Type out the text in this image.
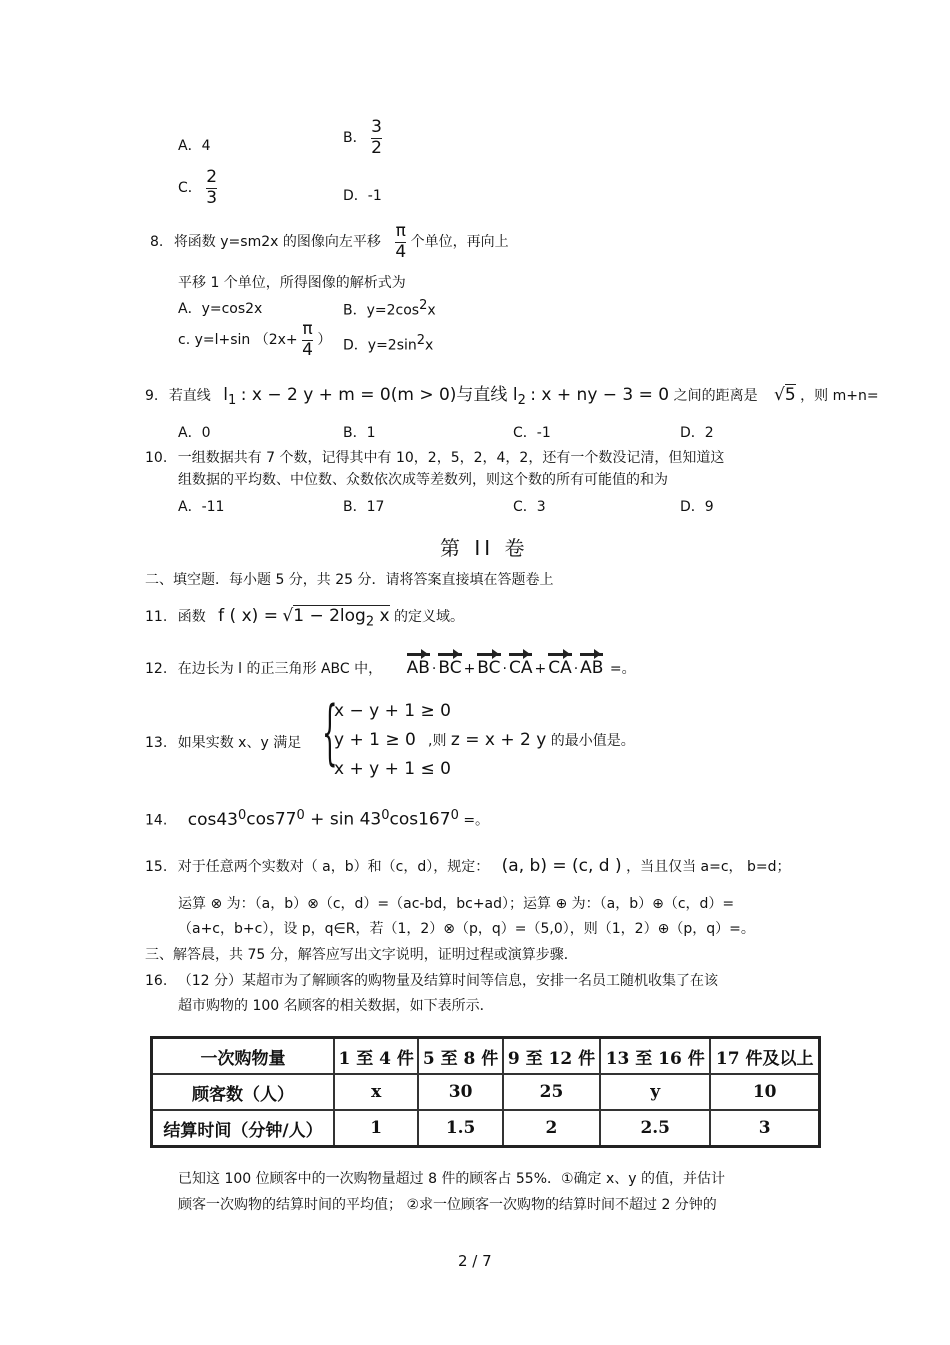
A．4	B． $\frac{3}{2}$
C． $\frac{2}{3}$	D．-1
8. 将函数 y=sm2x 的图像向左平移 $\frac{\pi}{4}$ 个单位，再向上
平移 1 个单位，所得图像的解析式为
A．y=cos2x	B．$y=2\cos^2x$
c. y=l+sin （$2x+ \frac{\pi}{4}$ ） D．$y=2\sin^2x$
9. 若直线 $l_1$ : x − 2 y + m = 0(m > 0)与直线 $l_2$ : x + ny − 3 = 0 之间的距离是 √5 ，则 m+n=
A．0	B．1	C．-1	D．2
10. 一组数据共有 7 个数，记得其中有 10，2，5，2，4，2，还有一个数没记清，但知道这
组数据的平均数、中位数、众数依次成等差数列，则这个数的所有可能值的和为
A．-11	B．17	C．3	D．9
第 II 卷
二、填空题．每小题 5 分，共 25 分．请将答案直接填在答题卷上
11. 函数 f ( $x) = √1 - 2\log_2$ x 的定义域。
12. 在边长为 l 的正三角形 ABC 中， AB · BC + BC · CA + CA · AB =。
13. 如果实数 x、y 满足 {
x − y + 1 ≥ 0
y + 1 ≥ 0
x + y + 1 ≤ 0
,则 z = x + 2 y 的最小值是。
14. $\cos 43^0\cos 77^0 + \sin 43^0\cos 167^0$ =。
15. 对于任意两个实数对（ a，b）和（c，d），规定： (a, b) = (c, d ) ，当且仅当 a=c， b=d；
运算 ⊗ 为：（a，b）⊗（c，d）=（ac-bd，bc+ad）；运算 ⊕ 为：（a，b）⊕（c，d）=
（a+c，b+c），设 p，q∈R，若（1，2）⊗（p，q）=（5,0），则（1，2）⊕（p，q）=。
三、解答晨，共 75 分，解答应写出文字说明，证明过程或演算步骤．
16. （12 分）某超市为了解顾客的购物量及结算时间等信息，安排一名员工随机收集了在该
超市购物的 100 名顾客的相关数据，如下表所示．
一次购物量	1 至 4 件	5 至 8 件	9 至 12 件	13 至 16 件	17 件及以上
顾客数（人）	x	30	25	y	10
结算时间（分钟/人）	1	1.5	2	2.5	3
已知这 100 位顾客中的一次购物量超过 8 件的顾客占 55%．①确定 x、y 的值，并估计
顾客一次购物的结算时间的平均值； ②求一位顾客一次购物的结算时间不超过 2 分钟的
2 / 7
